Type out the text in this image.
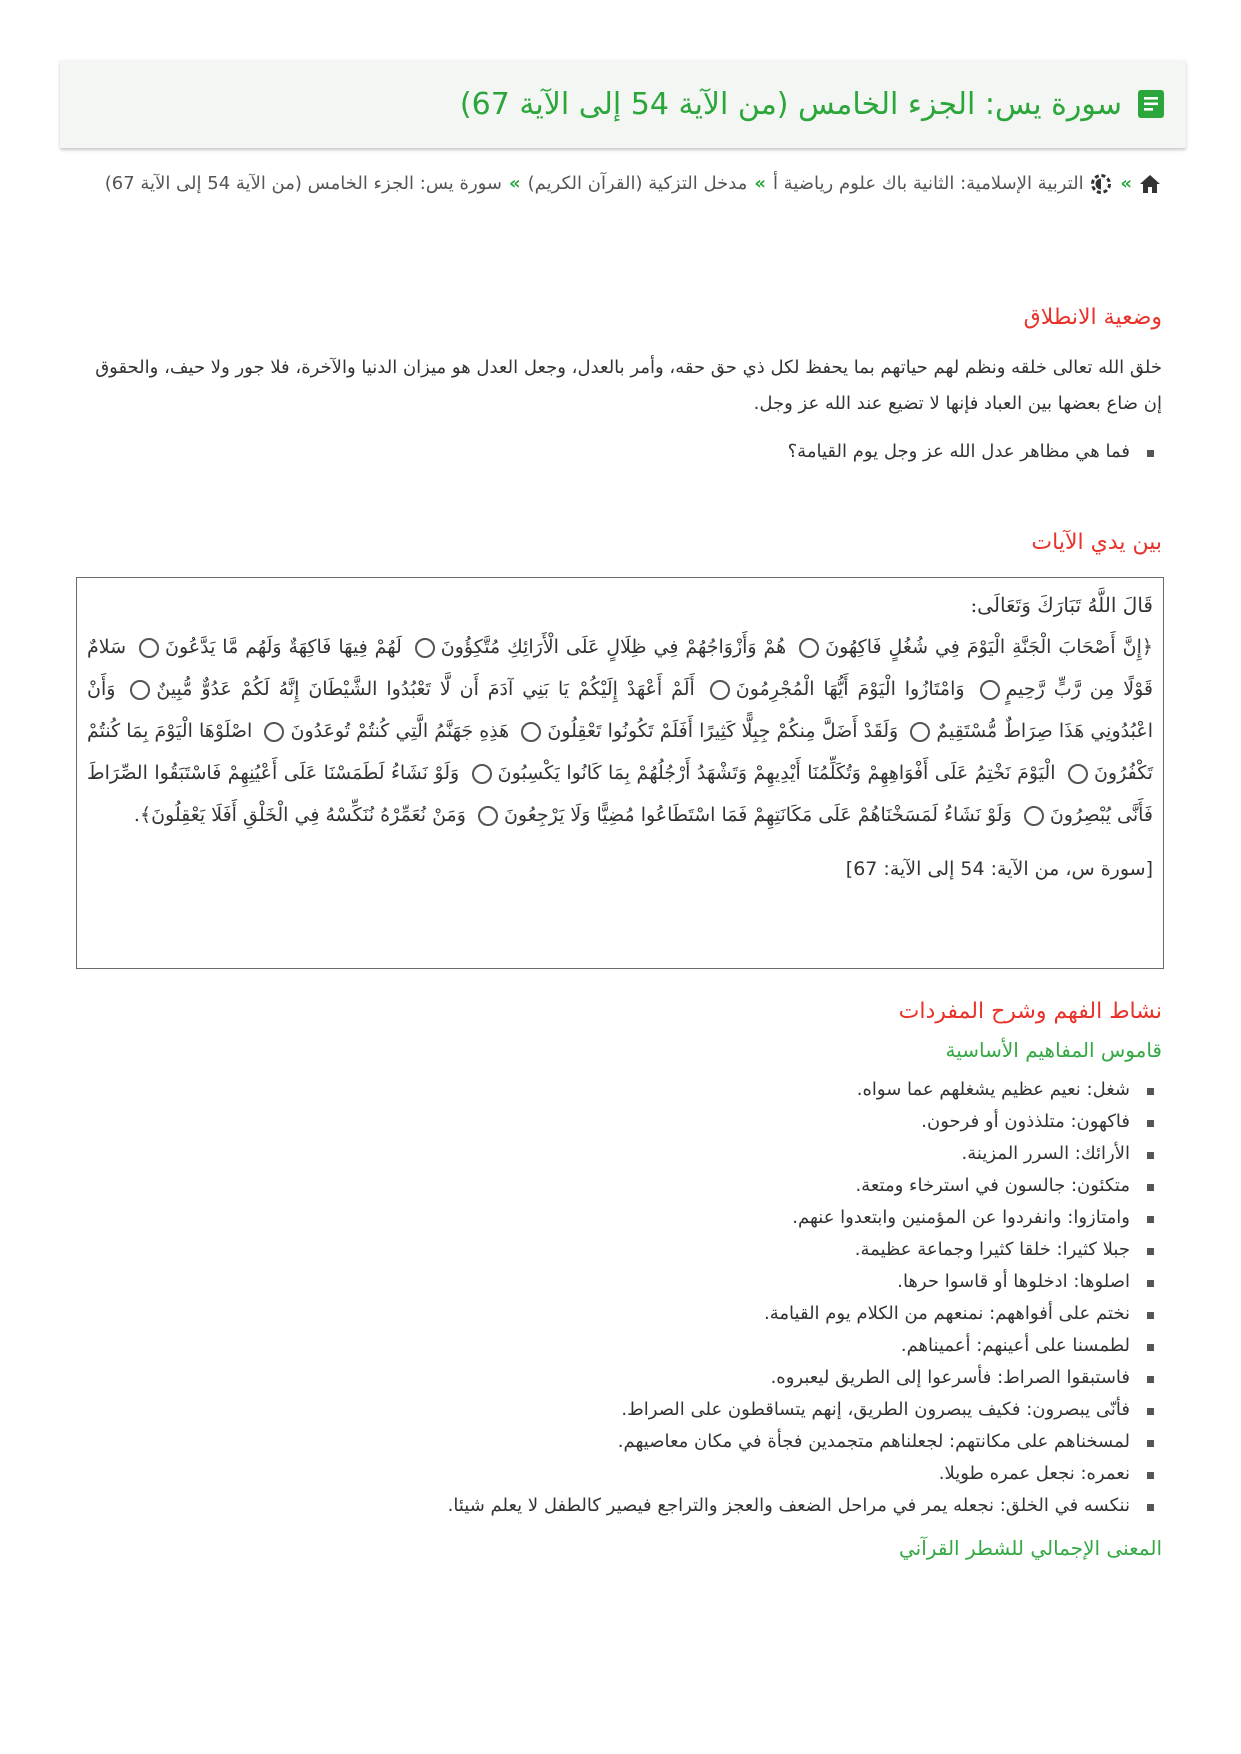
سورة يس: الجزء الخامس (من الآية 54 إلى الآية 67)
» التربية الإسلامية: الثانية باك علوم رياضية أ»مدخل التزكية (القرآن الكريم)»سورة يس: الجزء الخامس (من الآية 54 إلى الآية 67)
وضعية الانطلاق

خلق الله تعالى خلقه ونظم لهم حياتهم بما يحفظ لكل ذي حق حقه، وأمر بالعدل، وجعل العدل هو ميزان الدنيا والآخرة، فلا جور ولا حيف، والحقوق إن ضاع بعضها بين العباد فإنها لا تضيع عند الله عز وجل.

فما هي مظاهر عدل الله عز وجل يوم القيامة؟
بين يدي الآيات
قَالَ اللَّهُ تَبَارَكَ وَتَعَالَى:

﴿إِنَّ أَصْحَابَ الْجَنَّةِ الْيَوْمَ فِي شُغُلٍ فَاكِهُونَ هُمْ وَأَزْوَاجُهُمْ فِي ظِلَالٍ عَلَى الْأَرَائِكِ مُتَّكِؤُونَ لَهُمْ فِيهَا فَاكِهَةٌ وَلَهُم مَّا يَدَّعُونَ سَلامٌ قَوْلًا مِن رَّبٍّ رَّحِيمٍ وَامْتَازُوا الْيَوْمَ أَيُّهَا الْمُجْرِمُونَ أَلَمْ أَعْهَدْ إِلَيْكُمْ يَا بَنِي آدَمَ أَن لَّا تَعْبُدُوا الشَّيْطَانَ إِنَّهُ لَكُمْ عَدُوٌّ مُّبِينٌ وَأَنْ اعْبُدُونِي هَذَا صِرَاطٌ مُّسْتَقِيمٌ وَلَقَدْ أَضَلَّ مِنكُمْ جِبِلًّا كَثِيرًا أَفَلَمْ تَكُونُوا تَعْقِلُونَ هَذِهِ جَهَنَّمُ الَّتِي كُنتُمْ تُوعَدُونَ اصْلَوْهَا الْيَوْمَ بِمَا كُنتُمْ تَكْفُرُونَ الْيَوْمَ نَخْتِمُ عَلَى أَفْوَاهِهِمْ وَتُكَلِّمُنَا أَيْدِيهِمْ وَتَشْهَدُ أَرْجُلُهُمْ بِمَا كَانُوا يَكْسِبُونَ وَلَوْ نَشَاءُ لَطَمَسْنَا عَلَى أَعْيُنِهِمْ فَاسْتَبَقُوا الصِّرَاطَ فَأَنَّى يُبْصِرُونَ وَلَوْ نَشَاءُ لَمَسَخْنَاهُمْ عَلَى مَكَانَتِهِمْ فَمَا اسْتَطَاعُوا مُضِيًّا وَلَا يَرْجِعُونَ وَمَنْ نُعَمِّرْهُ نُنَكِّسْهُ فِي الْخَلْقِ أَفَلَا يَعْقِلُونَ﴾.

[سورة س، من الآية: 54 إلى الآية: 67]
نشاط الفهم وشرح المفردات
قاموس المفاهيم الأساسية
شغل: نعيم عظيم يشغلهم عما سواه.
فاكهون: متلذذون أو فرحون.
الأرائك: السرر المزينة.
متكئون: جالسون في استرخاء ومتعة.
وامتازوا: وانفردوا عن المؤمنين وابتعدوا عنهم.
جبلا كثيرا: خلقا كثيرا وجماعة عظيمة.
اصلوها: ادخلوها أو قاسوا حرها.
نختم على أفواههم: نمنعهم من الكلام يوم القيامة.
لطمسنا على أعينهم: أعميناهم.
فاستبقوا الصراط: فأسرعوا إلى الطريق ليعبروه.
فأنّى يبصرون: فكيف يبصرون الطريق، إنهم يتساقطون على الصراط.
لمسخناهم على مكانتهم: لجعلناهم متجمدين فجأة في مكان معاصيهم.
نعمره: نجعل عمره طويلا.
ننكسه في الخلق: نجعله يمر في مراحل الضعف والعجز والتراجع فيصير كالطفل لا يعلم شيئا.
المعنى الإجمالي للشطر القرآني
